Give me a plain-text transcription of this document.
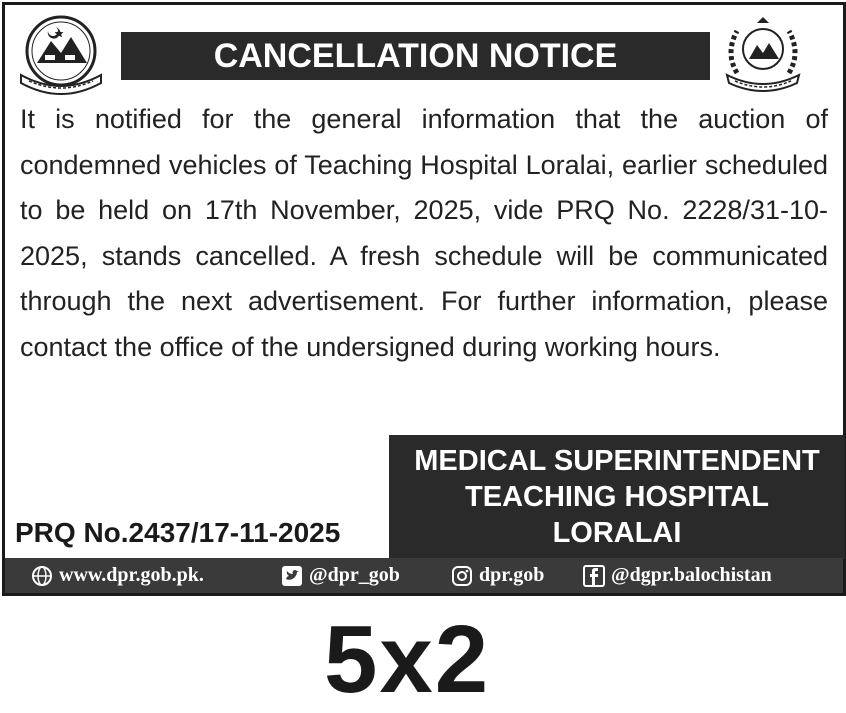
CANCELLATION NOTICE
It is notified for the general information that the auction of condemned vehicles of Teaching Hospital Loralai, earlier scheduled to be held on 17th November, 2025, vide PRQ No. 2228/31-10-2025, stands cancelled. A fresh schedule will be communicated through the next advertisement. For further information, please contact the office of the undersigned during working hours.
MEDICAL SUPERINTENDENT
TEACHING HOSPITAL
LORALAI
PRQ No.2437/17-11-2025
www.dpr.gob.pk.	@dpr_gob	dpr.gob	@dgpr.balochistan
5x2
